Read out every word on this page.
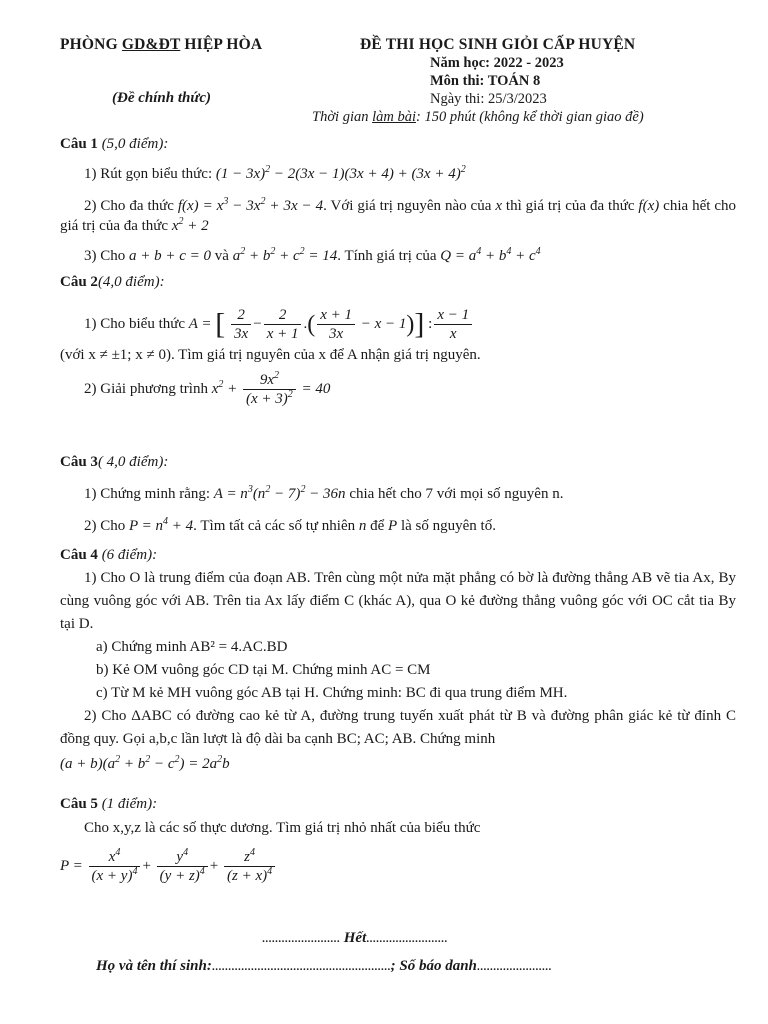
PHÒNG GD&ĐT HIỆP HÒA
(Đề chính thức)
ĐỀ THI HỌC SINH GIỎI CẤP HUYỆN
Năm học: 2022 - 2023
Môn thi: TOÁN 8
Ngày thi: 25/3/2023
Thời gian làm bài: 150 phút (không kể thời gian giao đề)
Câu 1 (5,0 điểm):
1) Rút gọn biểu thức: $(1 - 3x)^2 - 2(3x - 1)(3x + 4) + (3x + 4)^2$
2) Cho đa thức $f(x) = x^3 - 3x^2 + 3x - 4$. Với giá trị nguyên nào của x thì giá trị của đa thức f(x) chia hết cho giá trị của đa thức $x^2 + 2$
3) Cho a + b + c = 0 và $a^2 + b^2 + c^2 = 14$. Tính giá trị của $Q = a^4 + b^4 + c^4$
Câu 2(4,0 điểm):
1) Cho biểu thức A = [ $\frac{2}{3x} - \frac{2}{x + 1}$ .( $\frac{x + 1}{3x} - x - 1$)] : $\frac{x - 1}{x}$
(với x ≠ ±1; x ≠ 0). Tìm giá trị nguyên của x để A nhận giá trị nguyên.
2) Giải phương trình $x^2 + \frac{9x^2}{(x + 3)^2} = 40$
Câu 3( 4,0 điểm):
1) Chứng minh rằng: $A = n^3(n^2 - 7)^2 - 36n$ chia hết cho 7 với mọi số nguyên n.
2) Cho $P = n^4 + 4$. Tìm tất cả các số tự nhiên n để P là số nguyên tố.
Câu 4 (6 điểm):
1) Cho O là trung điểm của đoạn AB. Trên cùng một nửa mặt phẳng có bờ là đường thẳng AB vẽ tia Ax, By cùng vuông góc với AB. Trên tia Ax lấy điểm C (khác A), qua O kẻ đường thẳng vuông góc với OC cắt tia By tại D.
a) Chứng minh AB² = 4.AC.BD
b) Kẻ OM vuông góc CD tại M. Chứng minh AC = CM
c) Từ M kẻ MH vuông góc AB tại H. Chứng minh: BC đi qua trung điểm MH.
2) Cho ΔABC có đường cao kẻ từ A, đường trung tuyến xuất phát từ B và đường phân giác kẻ từ đỉnh C đồng quy. Gọi a,b,c lần lượt là độ dài ba cạnh BC; AC; AB. Chứng minh
$(a + b)(a^2 + b^2 - c^2) = 2a^2b$
Câu 5 (1 điểm):
Cho x,y,z là các số thực dương. Tìm giá trị nhỏ nhất của biểu thức
$P = \frac{x^4}{(x + y)^4} + \frac{y^4}{(y + z)^4} + \frac{z^4}{(z + x)^4}$
........................ Hết.........................
Họ và tên thí sinh:.......................................................; Số báo danh.......................
